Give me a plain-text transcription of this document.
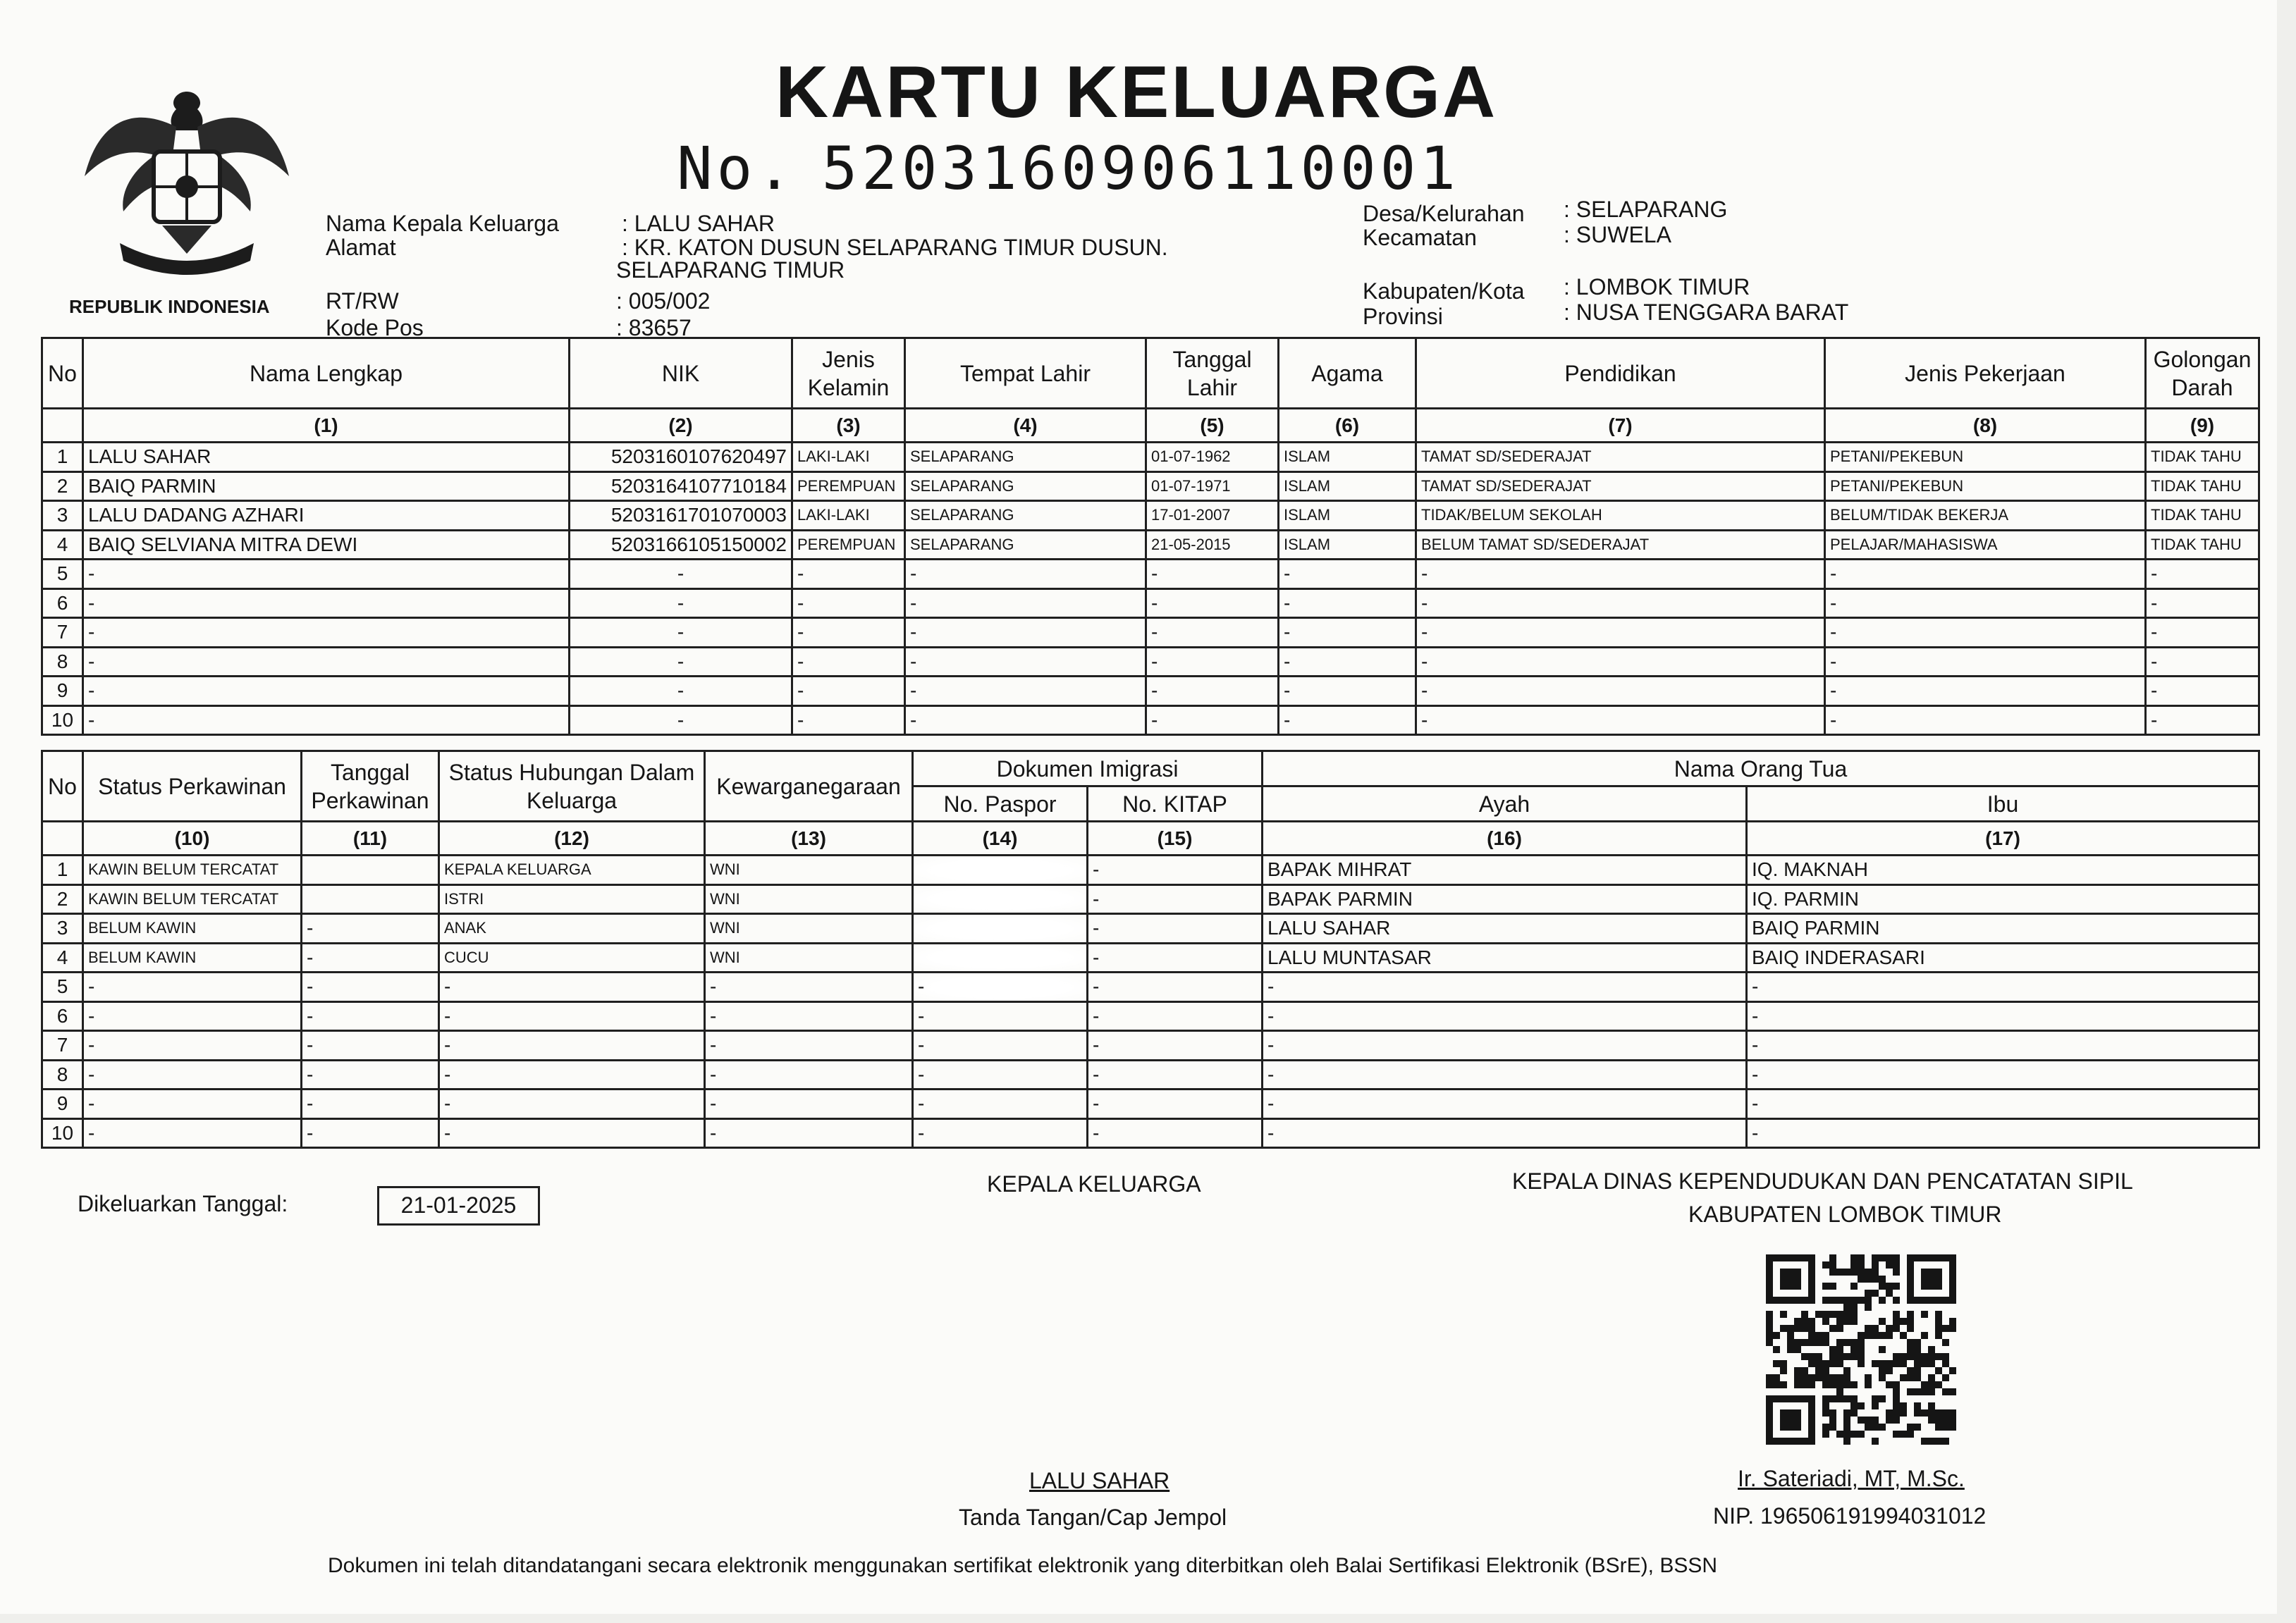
REPUBLIK INDONESIA
KARTU KELUARGA
No. 5203160906110001
Nama Kepala Keluarga	: LALU SAHAR
Alamat	: KR. KATON DUSUN SELAPARANG TIMUR DUSUN.
SELAPARANG TIMUR
RT/RW	: 005/002
Kode Pos	: 83657
Desa/Kelurahan : SELAPARANG
Kecamatan	: SUWELA
Kabupaten/Kota : LOMBOK TIMUR
Provinsi	: NUSA TENGGARA BARAT
No	Nama Lengkap	NIK	Jenis Kelamin	Tempat Lahir	Tanggal Lahir	Agama	Pendidikan	Jenis Pekerjaan	Golongan Darah
	(1)	(2)	(3)	(4)	(5)	(6)	(7)	(8)	(9)
1	LALU SAHAR	5203160107620497	LAKI-LAKI	SELAPARANG	01-07-1962	ISLAM	TAMAT SD/SEDERAJAT	PETANI/PEKEBUN	TIDAK TAHU
2	BAIQ PARMIN	5203164107710184	PEREMPUAN	SELAPARANG	01-07-1971	ISLAM	TAMAT SD/SEDERAJAT	PETANI/PEKEBUN	TIDAK TAHU
3	LALU DADANG AZHARI	5203161701070003	LAKI-LAKI	SELAPARANG	17-01-2007	ISLAM	TIDAK/BELUM SEKOLAH	BELUM/TIDAK BEKERJA	TIDAK TAHU
4	BAIQ SELVIANA MITRA DEWI	5203166105150002	PEREMPUAN	SELAPARANG	21-05-2015	ISLAM	BELUM TAMAT SD/SEDERAJAT	PELAJAR/MAHASISWA	TIDAK TAHU
5	-	-	-	-	-	-	-	-	-
6	-	-	-	-	-	-	-	-	-
7	-	-	-	-	-	-	-	-	-
8	-	-	-	-	-	-	-	-	-
9	-	-	-	-	-	-	-	-	-
10	-	-	-	-	-	-	-	-	-
No	Status Perkawinan	Tanggal Perkawinan	Status Hubungan Dalam Keluarga	Kewarganegaraan	Dokumen Imigrasi		Nama Orang Tua	
					No. Paspor	No. KITAP	Ayah	Ibu
	(10)	(11)	(12)	(13)	(14)	(15)	(16)	(17)
1	KAWIN BELUM TERCATAT		KEPALA KELUARGA	WNI		-	BAPAK MIHRAT	IQ. MAKNAH
2	KAWIN BELUM TERCATAT		ISTRI	WNI		-	BAPAK PARMIN	IQ. PARMIN
3	BELUM KAWIN	-	ANAK	WNI		-	LALU SAHAR	BAIQ PARMIN
4	BELUM KAWIN	-	CUCU	WNI		-	LALU MUNTASAR	BAIQ INDERASARI
5	-	-	-	-	-	-	-	-
6	-	-	-	-	-	-	-	-
7	-	-	-	-	-	-	-	-
8	-	-	-	-	-	-	-	-
9	-	-	-	-	-	-	-	-
10	-	-	-	-	-	-	-	-
Dikeluarkan Tanggal:	21-01-2025
KEPALA KELUARGA	KEPALA DINAS KEPENDUDUKAN DAN PENCATATAN SIPIL
KABUPATEN LOMBOK TIMUR
LALU SAHAR
Tanda Tangan/Cap Jempol
Ir. Sateriadi, MT, M.Sc.
NIP. 196506191994031012
Dokumen ini telah ditandatangani secara elektronik menggunakan sertifikat elektronik yang diterbitkan oleh Balai Sertifikasi Elektronik (BSrE), BSSN
